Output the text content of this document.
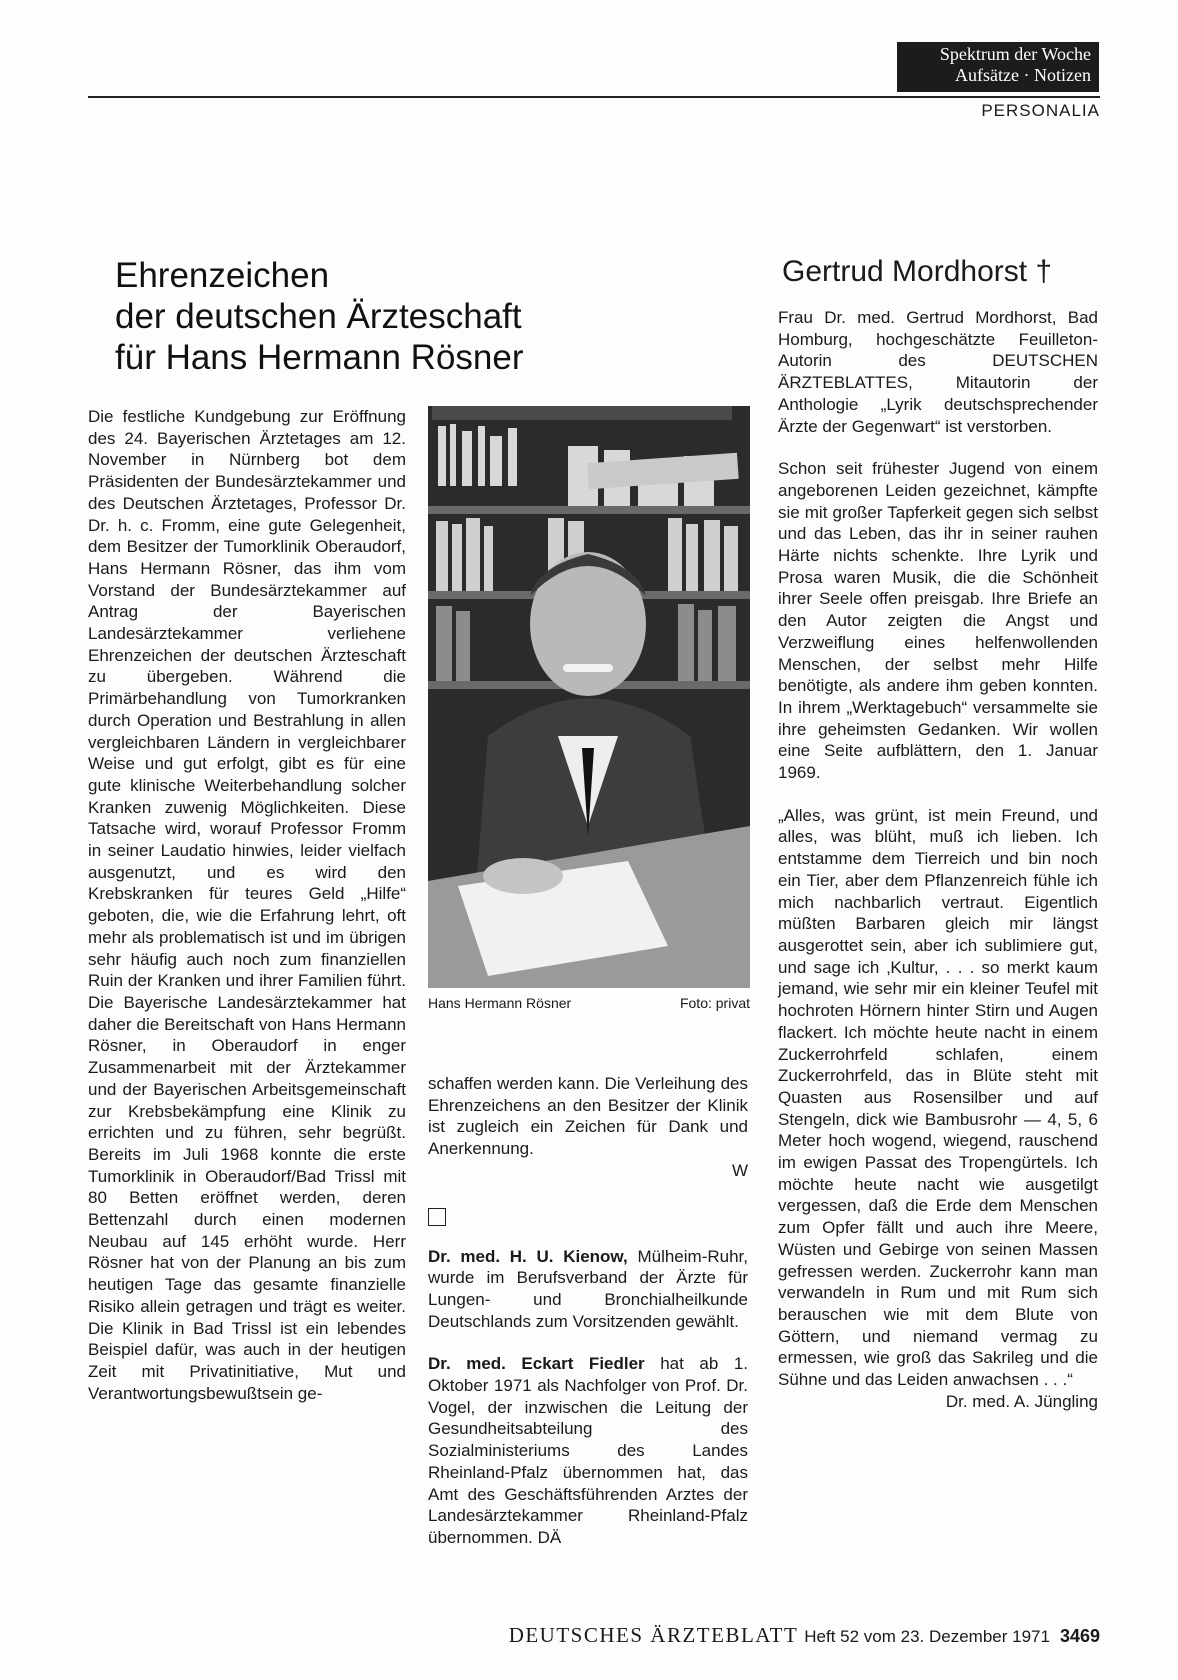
Spektrum der Woche
Aufsätze · Notizen
PERSONALIA
Ehrenzeichen
der deutschen Ärzteschaft
für Hans Hermann Rösner

Die festliche Kundgebung zur Eröffnung des 24. Bayerischen Ärztetages am 12. November in Nürnberg bot dem Präsidenten der Bundesärztekammer und des Deutschen Ärztetages, Professor Dr. Dr. h. c. Fromm, eine gute Gelegenheit, dem Besitzer der Tumorklinik Oberaudorf, Hans Hermann Rösner, das ihm vom Vorstand der Bundesärztekammer auf Antrag der Bayerischen Landesärztekammer verliehene Ehrenzeichen der deutschen Ärzteschaft zu übergeben. Während die Primärbehandlung von Tumorkranken durch Operation und Bestrahlung in allen vergleichbaren Ländern in vergleichbarer Weise und gut erfolgt, gibt es für eine gute klinische Weiterbehandlung solcher Kranken zuwenig Möglichkeiten. Diese Tatsache wird, worauf Professor Fromm in seiner Laudatio hinwies, leider vielfach ausgenutzt, und es wird den Krebskranken für teures Geld „Hilfe“ geboten, die, wie die Erfahrung lehrt, oft mehr als problematisch ist und im übrigen sehr häufig auch noch zum finanziellen Ruin der Kranken und ihrer Familien führt. Die Bayerische Landesärztekammer hat daher die Bereitschaft von Hans Hermann Rösner, in Oberaudorf in enger Zusammenarbeit mit der Ärztekammer und der Bayerischen Arbeitsgemeinschaft zur Krebsbekämpfung eine Klinik zu errichten und zu führen, sehr begrüßt. Bereits im Juli 1968 konnte die erste Tumorklinik in Oberaudorf/Bad Trissl mit 80 Betten eröffnet werden, deren Bettenzahl durch einen modernen Neubau auf 145 erhöht wurde. Herr Rösner hat von der Planung an bis zum heutigen Tage das gesamte finanzielle Risiko allein getragen und trägt es weiter. Die Klinik in Bad Trissl ist ein lebendes Beispiel dafür, was auch in der heutigen Zeit mit Privatinitiative, Mut und Verantwortungsbewußtsein ge-

Hans Hermann Rösner	Foto: privat

schaffen werden kann. Die Verleihung des Ehrenzeichens an den Besitzer der Klinik ist zugleich ein Zeichen für Dank und Anerkennung.
W

Dr. med. H. U. Kienow, Mülheim-Ruhr, wurde im Berufsverband der Ärzte für Lungen- und Bronchialheilkunde Deutschlands zum Vorsitzenden gewählt.

Dr. med. Eckart Fiedler hat ab 1. Oktober 1971 als Nachfolger von Prof. Dr. Vogel, der inzwischen die Leitung der Gesundheitsabteilung des Sozialministeriums des Landes Rheinland-Pfalz übernommen hat, das Amt des Geschäftsführenden Arztes der Landesärztekammer Rheinland-Pfalz übernommen. DÄ

Gertrud Mordhorst †

Frau Dr. med. Gertrud Mordhorst, Bad Homburg, hochgeschätzte Feuilleton-Autorin des DEUTSCHEN ÄRZTEBLATTES, Mitautorin der Anthologie „Lyrik deutschsprechender Ärzte der Gegenwart“ ist verstorben.

Schon seit frühester Jugend von einem angeborenen Leiden gezeichnet, kämpfte sie mit großer Tapferkeit gegen sich selbst und das Leben, das ihr in seiner rauhen Härte nichts schenkte. Ihre Lyrik und Prosa waren Musik, die die Schönheit ihrer Seele offen preisgab. Ihre Briefe an den Autor zeigten die Angst und Verzweiflung eines helfenwollenden Menschen, der selbst mehr Hilfe benötigte, als andere ihm geben konnten. In ihrem „Werktagebuch“ versammelte sie ihre geheimsten Gedanken. Wir wollen eine Seite aufblättern, den 1. Januar 1969.

„Alles, was grünt, ist mein Freund, und alles, was blüht, muß ich lieben. Ich entstamme dem Tierreich und bin noch ein Tier, aber dem Pflanzenreich fühle ich mich nachbarlich vertraut. Eigentlich müßten Barbaren gleich mir längst ausgerottet sein, aber ich sublimiere gut, und sage ich ‚Kultur, . . . so merkt kaum jemand, wie sehr mir ein kleiner Teufel mit hochroten Hörnern hinter Stirn und Augen flackert. Ich möchte heute nacht in einem Zuckerrohrfeld schlafen, einem Zuckerrohrfeld, das in Blüte steht mit Quasten aus Rosensilber und auf Stengeln, dick wie Bambusrohr — 4, 5, 6 Meter hoch wogend, wiegend, rauschend im ewigen Passat des Tropengürtels. Ich möchte heute nacht wie ausgetilgt vergessen, daß die Erde dem Menschen zum Opfer fällt und auch ihre Meere, Wüsten und Gebirge von seinen Massen gefressen werden. Zuckerrohr kann man verwandeln in Rum und mit Rum sich berauschen wie mit dem Blute von Göttern, und niemand vermag zu ermessen, wie groß das Sakrileg und die Sühne und das Leiden anwachsen . . .“
Dr. med. A. Jüngling

DEUTSCHES ÄRZTEBLATT Heft 52 vom 23. Dezember 1971 3469
